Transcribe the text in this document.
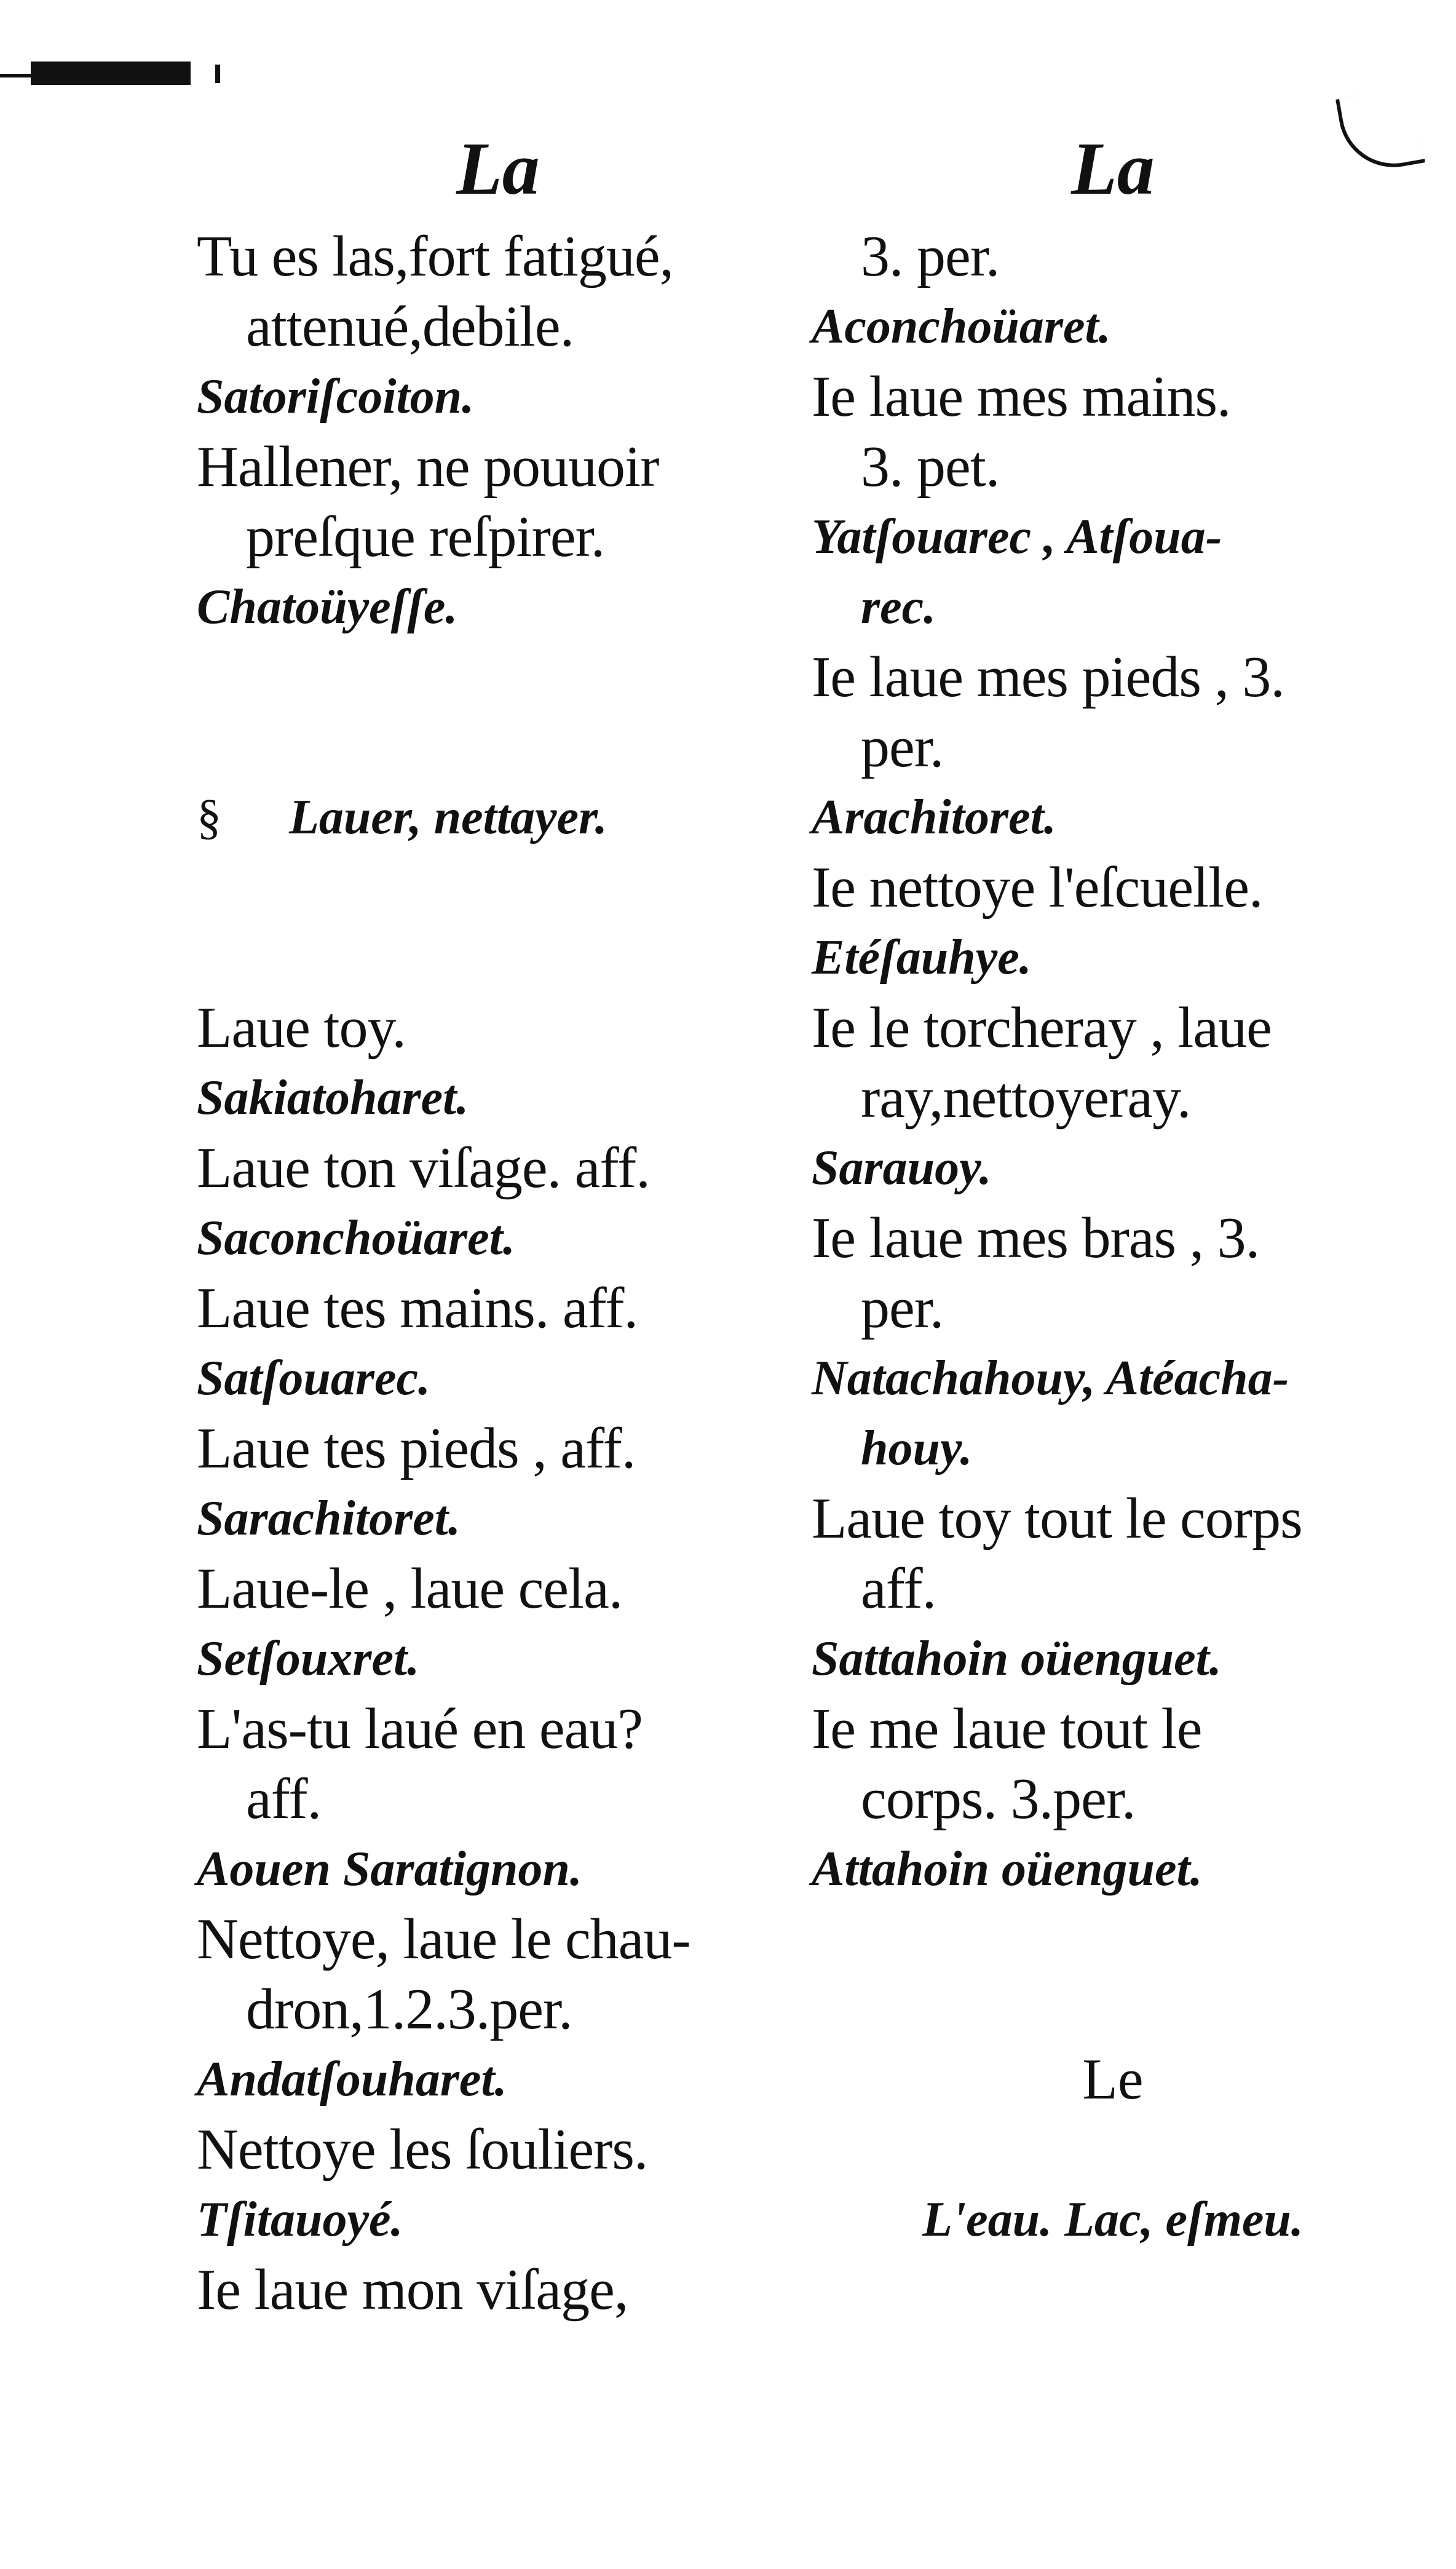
La
Tu es las,fort fatigué,
attenué,debile.
Satoriſcoiton.
Hallener, ne pouuoir
preſque reſpirer.
Chatoüyeſſe.
§ Lauer, nettayer.
Laue toy.
Sakiatoharet.
Laue ton viſage. aff.
Saconchoüaret.
Laue tes mains. aff.
Satſouarec.
Laue tes pieds , aff.
Sarachitoret.
Laue-le , laue cela.
Setſouxret.
L'as-tu laué en eau?
aff.
Aouen Saratignon.
Nettoye, laue le chau-
dron,1.2.3.per.
Andatſouharet.
Nettoye les ſouliers.
Tſitauoyé.
Ie laue mon viſage,
La
3. per.
Aconchoüaret.
Ie laue mes mains.
3. pet.
Yatſouarec , Atſoua-
rec.
Ie laue mes pieds , 3.
per.
Arachitoret.
Ie nettoye l'eſcuelle.
Etéſauhye.
Ie le torcheray , laue
ray,nettoyeray.
Sarauoy.
Ie laue mes bras , 3.
per.
Natachahouy, Atéacha-
houy.
Laue toy tout le corps
aff.
Sattahoin oüenguet.
Ie me laue tout le
corps. 3.per.
Attahoin oüenguet.
Le
L'eau. Lac, eſmeu.
